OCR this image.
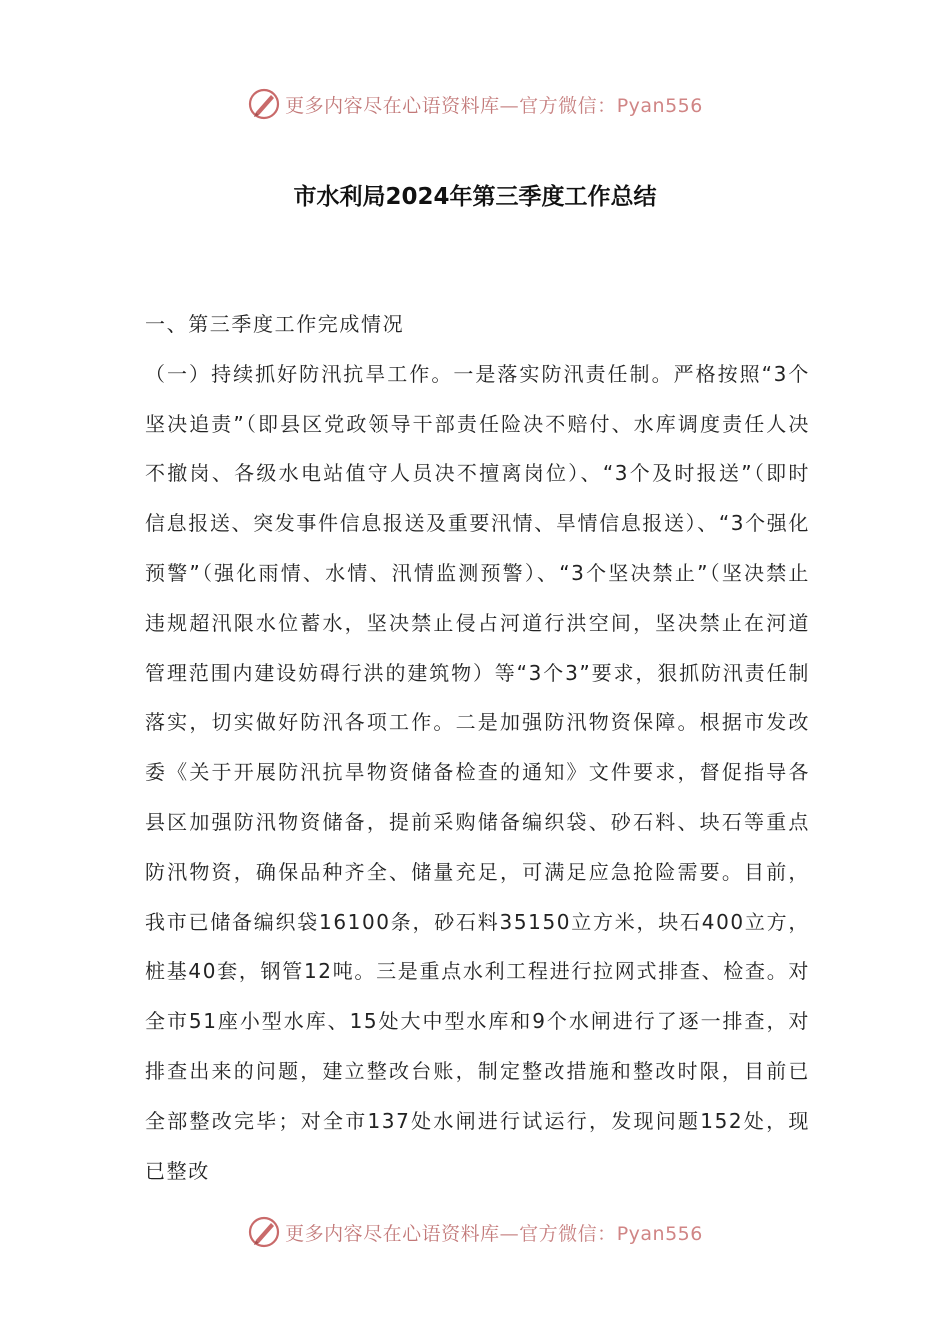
更多内容尽在心语资料库—官方微信：Pyan556
市水利局2024年第三季度工作总结

一、第三季度工作完成情况

（一）持续抓好防汛抗旱工作。一是落实防汛责任制。严格按照“3个坚决追责”（即县区党政领导干部责任险决不赔付、水库调度责任人决不撤岗、各级水电站值守人员决不擅离岗位）、“3个及时报送”（即时信息报送、突发事件信息报送及重要汛情、旱情信息报送）、“3个强化预警”（强化雨情、水情、汛情监测预警）、“3个坚决禁止”（坚决禁止违规超汛限水位蓄水，坚决禁止侵占河道行洪空间，坚决禁止在河道管理范围内建设妨碍行洪的建筑物）等“3个3”要求，狠抓防汛责任制落实，切实做好防汛各项工作。二是加强防汛物资保障。根据市发改委《关于开展防汛抗旱物资储备检查的通知》文件要求，督促指导各县区加强防汛物资储备，提前采购储备编织袋、砂石料、块石等重点防汛物资，确保品种齐全、储量充足，可满足应急抢险需要。目前，我市已储备编织袋16100条，砂石料35150立方米，块石400立方，桩基40套，钢管12吨。三是重点水利工程进行拉网式排查、检查。对全市51座小型水库、15处大中型水库和9个水闸进行了逐一排查，对排查出来的问题，建立整改台账，制定整改措施和整改时限，目前已全部整改完毕；对全市137处水闸进行试运行，发现问题152处，现已整改

更多内容尽在心语资料库—官方微信：Pyan556
